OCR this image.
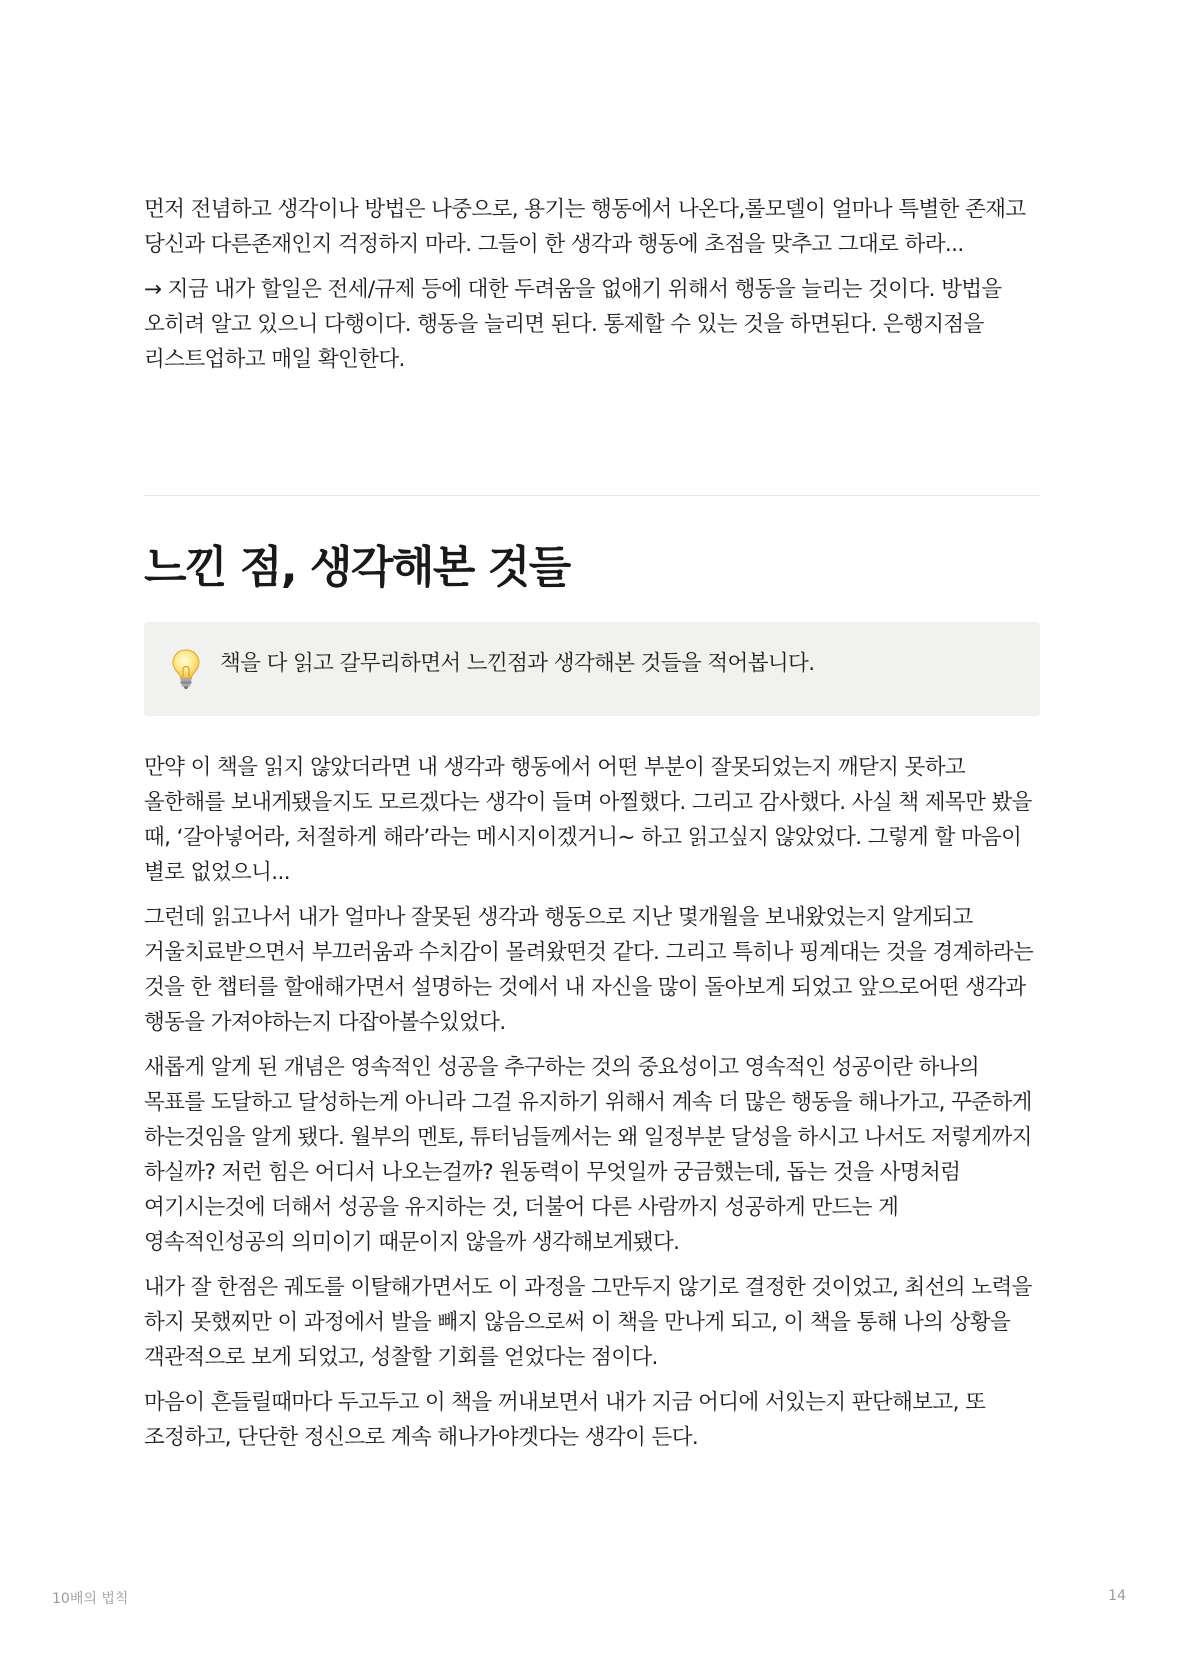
먼저 전념하고 생각이나 방법은 나중으로, 용기는 행동에서 나온다,롤모델이 얼마나 특별한 존재고 당신과 다른존재인지 걱정하지 마라. 그들이 한 생각과 행동에 초점을 맞추고 그대로 하라...

→ 지금 내가 할일은 전세/규제 등에 대한 두려움을 없애기 위해서 행동을 늘리는 것이다. 방법을 오히려 알고 있으니 다행이다. 행동을 늘리면 된다. 통제할 수 있는 것을 하면된다. 은행지점을 리스트업하고 매일 확인한다.

느낀 점, 생각해본 것들
책을 다 읽고 갈무리하면서 느낀점과 생각해본 것들을 적어봅니다.

만약 이 책을 읽지 않았더라면 내 생각과 행동에서 어떤 부분이 잘못되었는지 깨닫지 못하고 올한해를 보내게됐을지도 모르겠다는 생각이 들며 아찔했다. 그리고 감사했다. 사실 책 제목만 봤을 때, ‘갈아넣어라, 처절하게 해라’라는 메시지이겠거니~ 하고 읽고싶지 않았었다. 그렇게 할 마음이 별로 없었으니...

그런데 읽고나서 내가 얼마나 잘못된 생각과 행동으로 지난 몇개월을 보내왔었는지 알게되고 거울치료받으면서 부끄러움과 수치감이 몰려왔떤것 같다. 그리고 특히나 핑계대는 것을 경계하라는 것을 한 챕터를 할애해가면서 설명하는 것에서 내 자신을 많이 돌아보게 되었고 앞으로어떤 생각과 행동을 가져야하는지 다잡아볼수있었다.

새롭게 알게 된 개념은 영속적인 성공을 추구하는 것의 중요성이고 영속적인 성공이란 하나의 목표를 도달하고 달성하는게 아니라 그걸 유지하기 위해서 계속 더 많은 행동을 해나가고, 꾸준하게 하는것임을 알게 됐다. 월부의 멘토, 튜터님들께서는 왜 일정부분 달성을 하시고 나서도 저렇게까지 하실까? 저런 힘은 어디서 나오는걸까? 원동력이 무엇일까 궁금했는데, 돕는 것을 사명처럼 여기시는것에 더해서 성공을 유지하는 것, 더불어 다른 사람까지 성공하게 만드는 게 영속적인성공의 의미이기 때문이지 않을까 생각해보게됐다.

내가 잘 한점은 궤도를 이탈해가면서도 이 과정을 그만두지 않기로 결정한 것이었고, 최선의 노력을 하지 못했찌만 이 과정에서 발을 빼지 않음으로써 이 책을 만나게 되고, 이 책을 통해 나의 상황을 객관적으로 보게 되었고, 성찰할 기회를 얻었다는 점이다.

마음이 흔들릴때마다 두고두고 이 책을 꺼내보면서 내가 지금 어디에 서있는지 판단해보고, 또 조정하고, 단단한 정신으로 계속 해나가야겟다는 생각이 든다.

10배의 법칙	14
